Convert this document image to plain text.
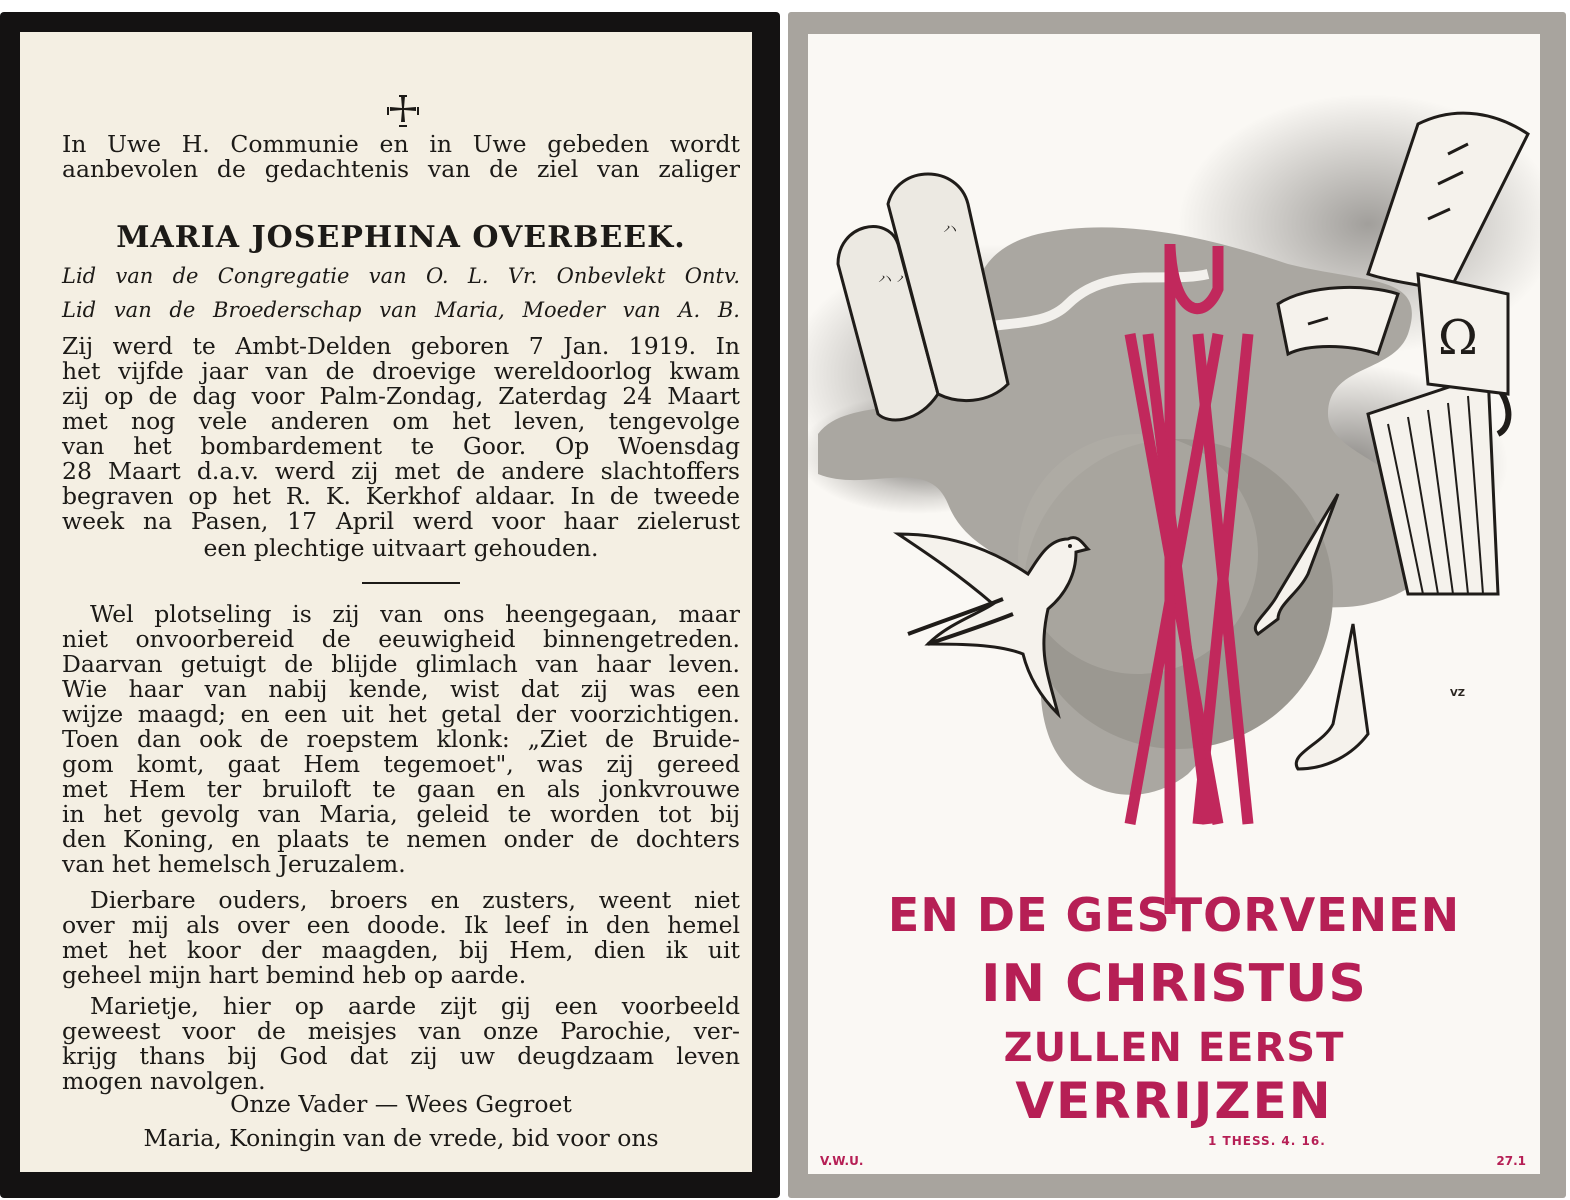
In Uwe H. Communie en in Uwe gebeden wordt
aanbevolen de gedachtenis van de ziel van zaliger
MARIA JOSEPHINA OVERBEEK.
Lid van de Congregatie van O. L. Vr. Onbevlekt Ontv.
Lid van de Broederschap van Maria, Moeder van A. B.
Zij werd te Ambt-Delden geboren 7 Jan. 1919. In
het vijfde jaar van de droevige wereldoorlog kwam
zij op de dag voor Palm-Zondag, Zaterdag 24 Maart
met nog vele anderen om het leven, tengevolge
van het bombardement te Goor. Op Woensdag
28 Maart d.a.v. werd zij met de andere slachtoffers
begraven op het R. K. Kerkhof aldaar. In de tweede
week na Pasen, 17 April werd voor haar zielerust
een plechtige uitvaart gehouden.
Wel plotseling is zij van ons heengegaan, maar
niet onvoorbereid de eeuwigheid binnengetreden.
Daarvan getuigt de blijde glimlach van haar leven.
Wie haar van nabij kende, wist dat zij was een
wijze maagd; en een uit het getal der voorzichtigen.
Toen dan ook de roepstem klonk: „Ziet de Bruide-
gom komt, gaat Hem tegemoet", was zij gereed
met Hem ter bruiloft te gaan en als jonkvrouwe
in het gevolg van Maria, geleid te worden tot bij
den Koning, en plaats te nemen onder de dochters
van het hemelsch Jeruzalem.
Dierbare ouders, broers en zusters, weent niet
over mij als over een doode. Ik leef in den hemel
met het koor der maagden, bij Hem, dien ik uit
geheel mijn hart bemind heb op aarde.
Marietje, hier op aarde zijt gij een voorbeeld
geweest voor de meisjes van onze Parochie, ver-
krijg thans bij God dat zij uw deugdzaam leven
mogen navolgen.
Onze Vader — Wees Gegroet
Maria, Koningin van de vrede, bid voor ons
ハ ハ
ハ
Ω
VZ
EN DE GESTORVENEN
IN CHRISTUS
ZULLEN EERST
VERRIJZEN
1 THESS. 4. 16.
V.W.U.	27.1
